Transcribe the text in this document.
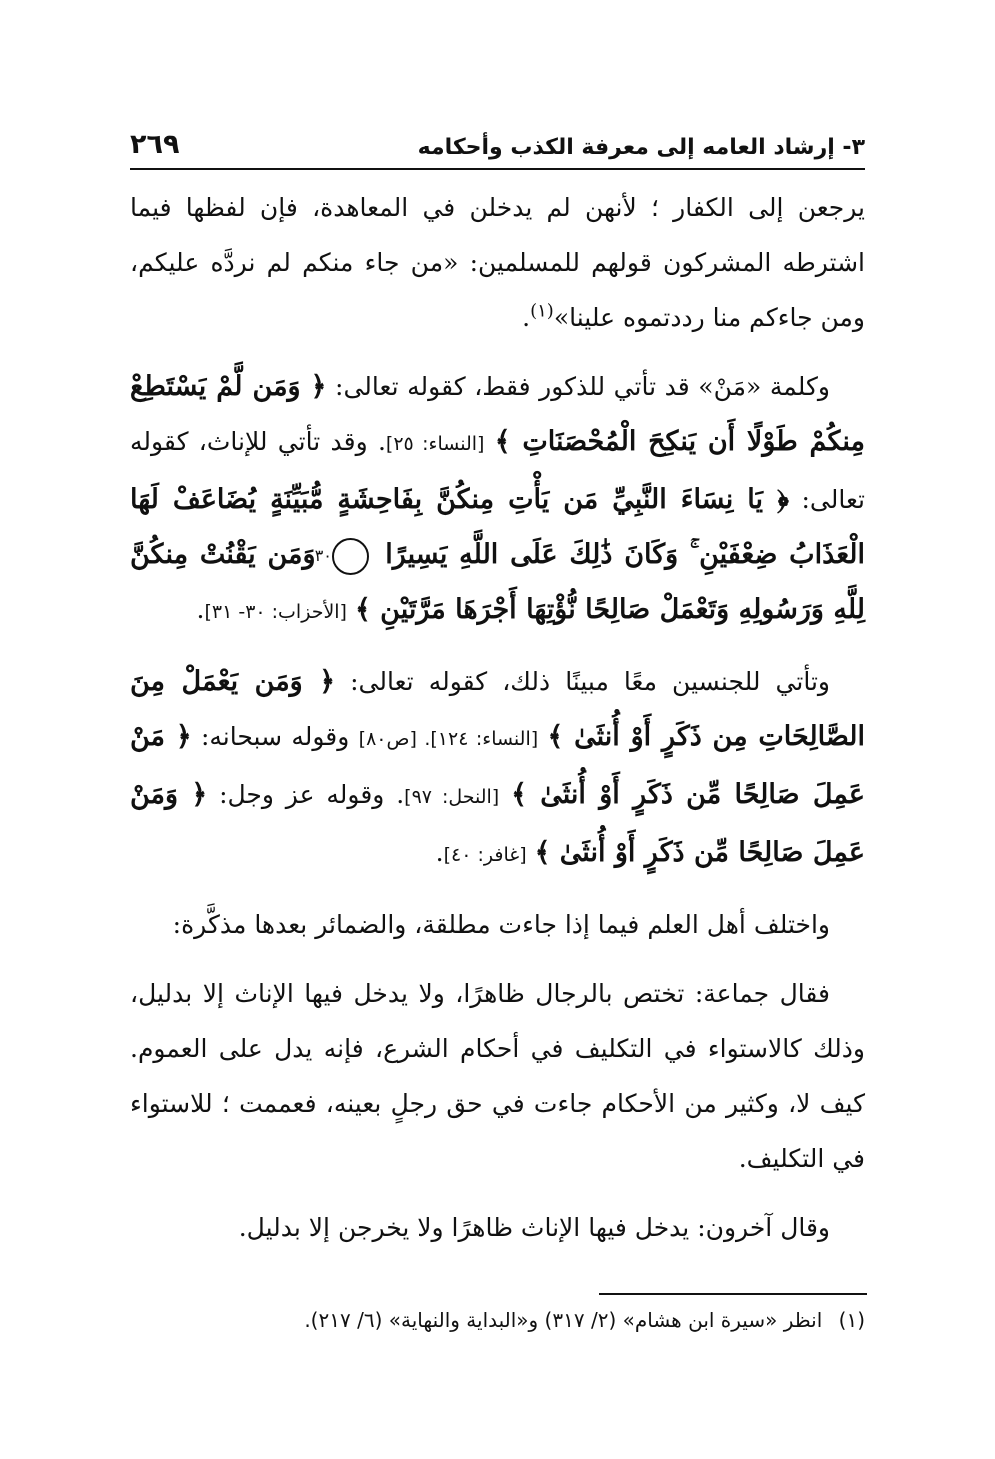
٣- إرشاد العامه إلى معرفة الكذب وأحكامه
٢٦٩

يرجعن إلى الكفار ؛ لأنهن لم يدخلن في المعاهدة، فإن لفظها فيما اشترطه المشركون قولهم للمسلمين: «من جاء منكم لم نردَّه عليكم، ومن جاءكم منا رددتموه علينا»$^{(١)}$.

وكلمة «مَنْ» قد تأتي للذكور فقط، كقوله تعالى: ﴿ وَمَن لَّمْ يَسْتَطِعْ مِنكُمْ طَوْلًا أَن يَنكِحَ الْمُحْصَنَاتِ ﴾ [النساء: ٢٥]. وقد تأتي للإناث، كقوله تعالى: ﴿ يَا نِسَاءَ النَّبِيِّ مَن يَأْتِ مِنكُنَّ بِفَاحِشَةٍ مُّبَيِّنَةٍ يُضَاعَفْ لَهَا الْعَذَابُ ضِعْفَيْنِ ۚ وَكَانَ ذَٰلِكَ عَلَى اللَّهِ يَسِيرًا ٣٠ وَمَن يَقْنُتْ مِنكُنَّ لِلَّهِ وَرَسُولِهِ وَتَعْمَلْ صَالِحًا نُّؤْتِهَا أَجْرَهَا مَرَّتَيْنِ ﴾ [الأحزاب: ٣٠- ٣١].

وتأتي للجنسين معًا مبينًا ذلك، كقوله تعالى: ﴿ وَمَن يَعْمَلْ مِنَ الصَّالِحَاتِ مِن ذَكَرٍ أَوْ أُنثَىٰ ﴾ [النساء: ١٢٤]. [ص٨٠] وقوله سبحانه: ﴿ مَنْ عَمِلَ صَالِحًا مِّن ذَكَرٍ أَوْ أُنثَىٰ ﴾ [النحل: ٩٧]. وقوله عز وجل: ﴿ وَمَنْ عَمِلَ صَالِحًا مِّن ذَكَرٍ أَوْ أُنثَىٰ ﴾ [غافر: ٤٠].

واختلف أهل العلم فيما إذا جاءت مطلقة، والضمائر بعدها مذكَّرة:

فقال جماعة: تختص بالرجال ظاهرًا، ولا يدخل فيها الإناث إلا بدليل، وذلك كالاستواء في التكليف في أحكام الشرع، فإنه يدل على العموم. كيف لا، وكثير من الأحكام جاءت في حق رجلٍ بعينه، فعممت ؛ للاستواء في التكليف.

وقال آخرون: يدخل فيها الإناث ظاهرًا ولا يخرجن إلا بدليل.

(١) انظر «سيرة ابن هشام» (٢/ ٣١٧) و«البداية والنهاية» (٦/ ٢١٧).
